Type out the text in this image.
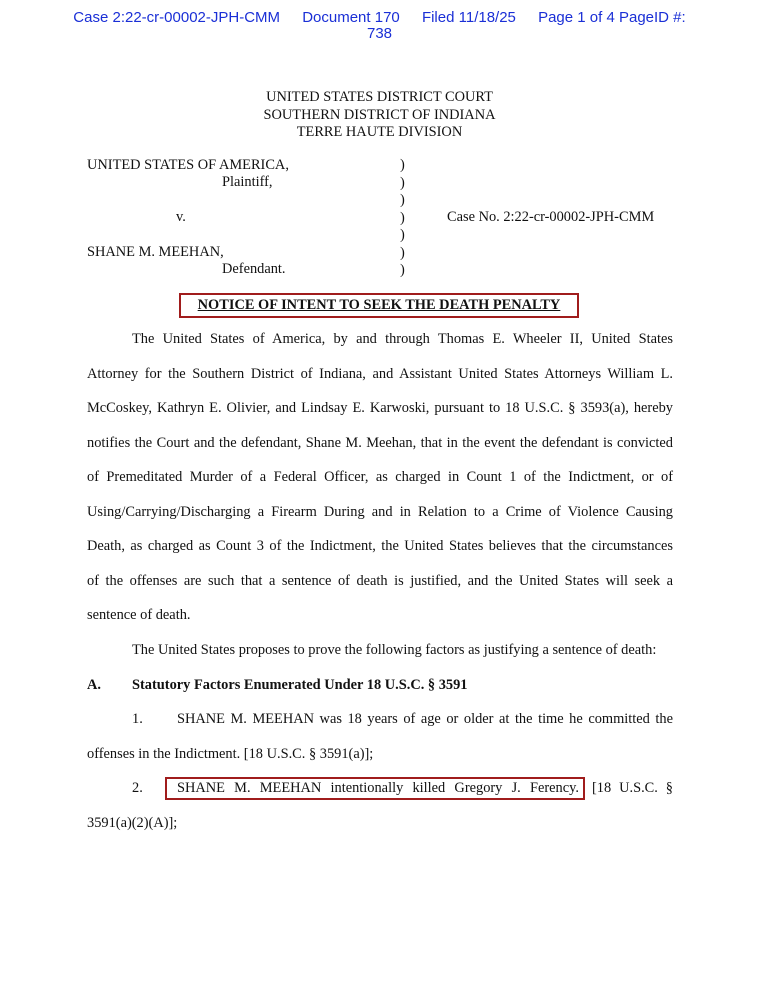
Case 2:22-cr-00002-JPH-CMM Document 170 Filed 11/18/25 Page 1 of 4 PageID #:
738
UNITED STATES DISTRICT COURT
SOUTHERN DISTRICT OF INDIANA
TERRE HAUTE DIVISION
UNITED STATES OF AMERICA,
Plaintiff,
v.
SHANE M. MEEHAN,
Defendant.
Case No. 2:22-cr-00002-JPH-CMM
)
)
)
)
)
)
)
NOTICE OF INTENT TO SEEK THE DEATH PENALTY
The United States of America, by and through Thomas E. Wheeler II, United States
Attorney for the Southern District of Indiana, and Assistant United States Attorneys William L.
McCoskey, Kathryn E. Olivier, and Lindsay E. Karwoski, pursuant to 18 U.S.C. § 3593(a), hereby
notifies the Court and the defendant, Shane M. Meehan, that in the event the defendant is convicted
of Premeditated Murder of a Federal Officer, as charged in Count 1 of the Indictment, or of
Using/Carrying/Discharging a Firearm During and in Relation to a Crime of Violence Causing
Death, as charged as Count 3 of the Indictment, the United States believes that the circumstances
of the offenses are such that a sentence of death is justified, and the United States will seek a
sentence of death.
The United States proposes to prove the following factors as justifying a sentence of death:
A. Statutory Factors Enumerated Under 18 U.S.C. § 3591
1. SHANE M. MEEHAN was 18 years of age or older at the time he committed the
offenses in the Indictment. [18 U.S.C. § 3591(a)];
2. SHANE M. MEEHAN intentionally killed Gregory J. Ferency. [18 U.S.C. §
3591(a)(2)(A)];
